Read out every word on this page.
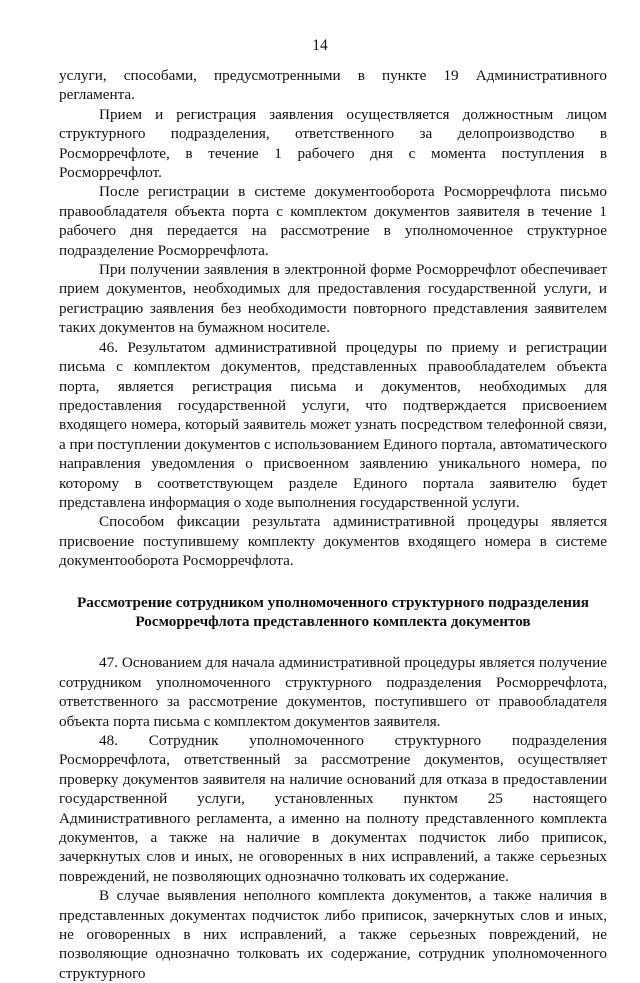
14

услуги, способами, предусмотренными в пункте 19 Административного регламента.

Прием и регистрация заявления осуществляется должностным лицом структурного подразделения, ответственного за делопроизводство в Росморречфлоте, в течение 1 рабочего дня с момента поступления в Росморречфлот.

После регистрации в системе документооборота Росморречфлота письмо правообладателя объекта порта с комплектом документов заявителя в течение 1 рабочего дня передается на рассмотрение в уполномоченное структурное подразделение Росморречфлота.

При получении заявления в электронной форме Росморречфлот обеспечивает прием документов, необходимых для предоставления государственной услуги, и регистрацию заявления без необходимости повторного представления заявителем таких документов на бумажном носителе.

46. Результатом административной процедуры по приему и регистрации письма с комплектом документов, представленных правообладателем объекта порта, является регистрация письма и документов, необходимых для предоставления государственной услуги, что подтверждается присвоением входящего номера, который заявитель может узнать посредством телефонной связи, а при поступлении документов с использованием Единого портала, автоматического направления уведомления о присвоенном заявлению уникального номера, по которому в соответствующем разделе Единого портала заявителю будет представлена информация о ходе выполнения государственной услуги.

Способом фиксации результата административной процедуры является присвоение поступившему комплекту документов входящего номера в системе документооборота Росморречфлота.

Рассмотрение сотрудником уполномоченного структурного подразделения
Росморречфлота представленного комплекта документов

47. Основанием для начала административной процедуры является получение сотрудником уполномоченного структурного подразделения Росморречфлота, ответственного за рассмотрение документов, поступившего от правообладателя объекта порта письма с комплектом документов заявителя.

48. Сотрудник уполномоченного структурного подразделения Росморречфлота, ответственный за рассмотрение документов, осуществляет проверку документов заявителя на наличие оснований для отказа в предоставлении государственной услуги, установленных пунктом 25 настоящего Административного регламента, а именно на полноту представленного комплекта документов, а также на наличие в документах подчисток либо приписок, зачеркнутых слов и иных, не оговоренных в них исправлений, а также серьезных повреждений, не позволяющих однозначно толковать их содержание.

В случае выявления неполного комплекта документов, а также наличия в представленных документах подчисток либо приписок, зачеркнутых слов и иных, не оговоренных в них исправлений, а также серьезных повреждений, не позволяющие однозначно толковать их содержание, сотрудник уполномоченного структурного
